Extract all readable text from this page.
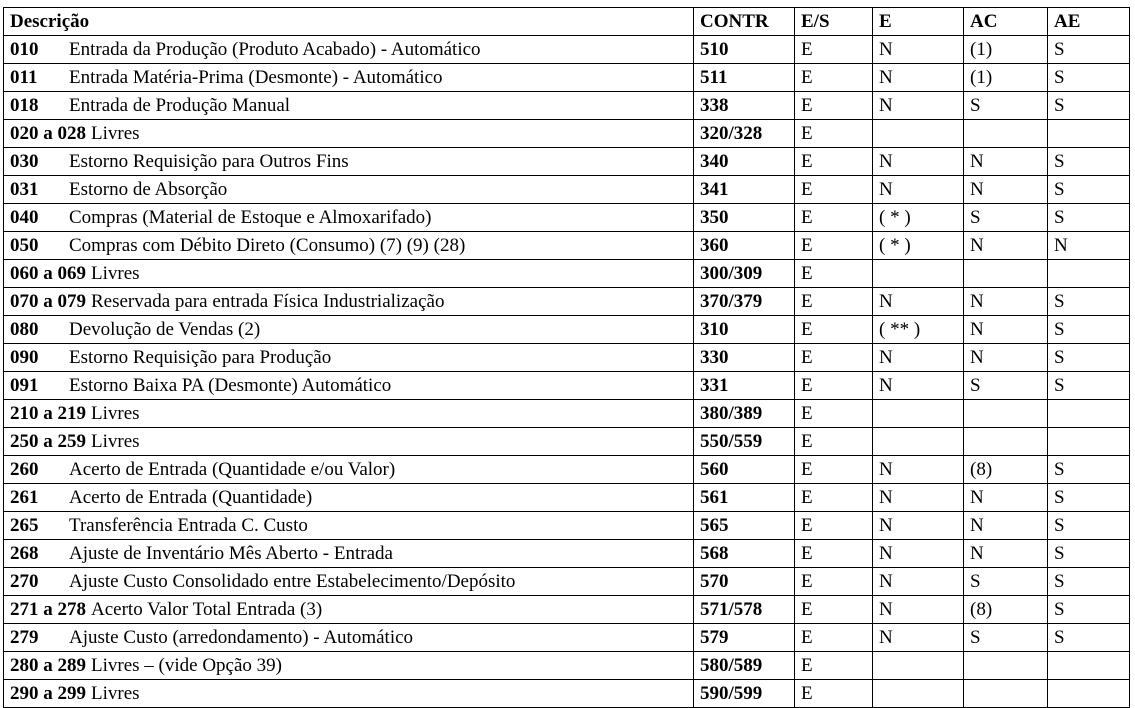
Descrição	CONTR	E/S	E	AC	AE
010 Entrada da Produção (Produto Acabado) - Automático	510	E	N	(1)	S
011 Entrada Matéria-Prima (Desmonte) - Automático	511	E	N	(1)	S
018 Entrada de Produção Manual	338	E	N	S	S
020 a 028 Livres	320/328	E			
030 Estorno Requisição para Outros Fins	340	E	N	N	S
031 Estorno de Absorção	341	E	N	N	S
040 Compras (Material de Estoque e Almoxarifado)	350	E	( * )	S	S
050 Compras com Débito Direto (Consumo) (7) (9) (28)	360	E	( * )	N	N
060 a 069 Livres	300/309	E			
070 a 079 Reservada para entrada Física Industrialização	370/379	E	N	N	S
080 Devolução de Vendas (2)	310	E	( ** )	N	S
090 Estorno Requisição para Produção	330	E	N	N	S
091 Estorno Baixa PA (Desmonte) Automático	331	E	N	S	S
210 a 219 Livres	380/389	E			
250 a 259 Livres	550/559	E			
260 Acerto de Entrada (Quantidade e/ou Valor)	560	E	N	(8)	S
261 Acerto de Entrada (Quantidade)	561	E	N	N	S
265 Transferência Entrada C. Custo	565	E	N	N	S
268 Ajuste de Inventário Mês Aberto - Entrada	568	E	N	N	S
270 Ajuste Custo Consolidado entre Estabelecimento/Depósito	570	E	N	S	S
271 a 278 Acerto Valor Total Entrada (3)	571/578	E	N	(8)	S
279 Ajuste Custo (arredondamento) - Automático	579	E	N	S	S
280 a 289 Livres – (vide Opção 39)	580/589	E			
290 a 299 Livres	590/599	E			
